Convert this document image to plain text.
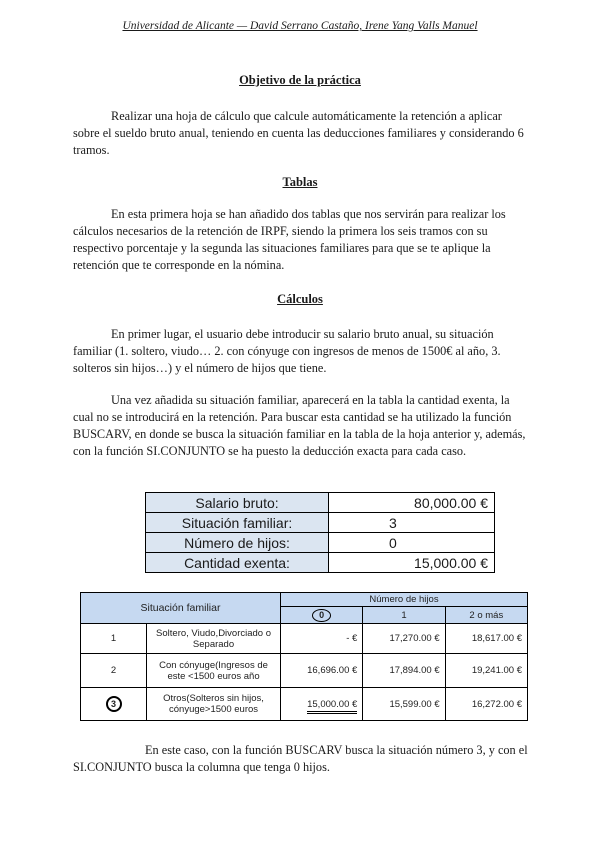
Universidad de Alicante — David Serrano Castaño, Irene Yang Valls Manuel
Objetivo de la práctica

Realizar una hoja de cálculo que calcule automáticamente la retención a aplicar sobre el sueldo bruto anual, teniendo en cuenta las deducciones familiares y considerando 6 tramos.

Tablas

En esta primera hoja se han añadido dos tablas que nos servirán para realizar los cálculos necesarios de la retención de IRPF, siendo la primera los seis tramos con su respectivo porcentaje y la segunda las situaciones familiares para que se te aplique la retención que te corresponde en la nómina.

Cálculos

En primer lugar, el usuario debe introducir su salario bruto anual, su situación familiar (1. soltero, viudo… 2. con cónyuge con ingresos de menos de 1500€ al año, 3. solteros sin hijos…) y el número de hijos que tiene.

Una vez añadida su situación familiar, aparecerá en la tabla la cantidad exenta, la cual no se introducirá en la retención. Para buscar esta cantidad se ha utilizado la función BUSCARV, en donde se busca la situación familiar en la tabla de la hoja anterior y, además, con la función SI.CONJUNTO se ha puesto la deducción exacta para cada caso.

Salario bruto:	80,000.00 €
Situación familiar:	3
Número de hijos:	0
Cantidad exenta:	15,000.00 €
Situación familiar		Número de hijos		
		0	1	2 o más
1	Soltero, Viudo,Divorciado o Separado	- €	17,270.00 €	18,617.00 €
2	Con cónyuge(Ingresos de este <1500 euros año	16,696.00 €	17,894.00 €	19,241.00 €
3	Otros(Solteros sin hijos, cónyuge>1500 euros	15,000.00 €	15,599.00 €	16,272.00 €

En este caso, con la función BUSCARV busca la situación número 3, y con el SI.CONJUNTO busca la columna que tenga 0 hijos.
